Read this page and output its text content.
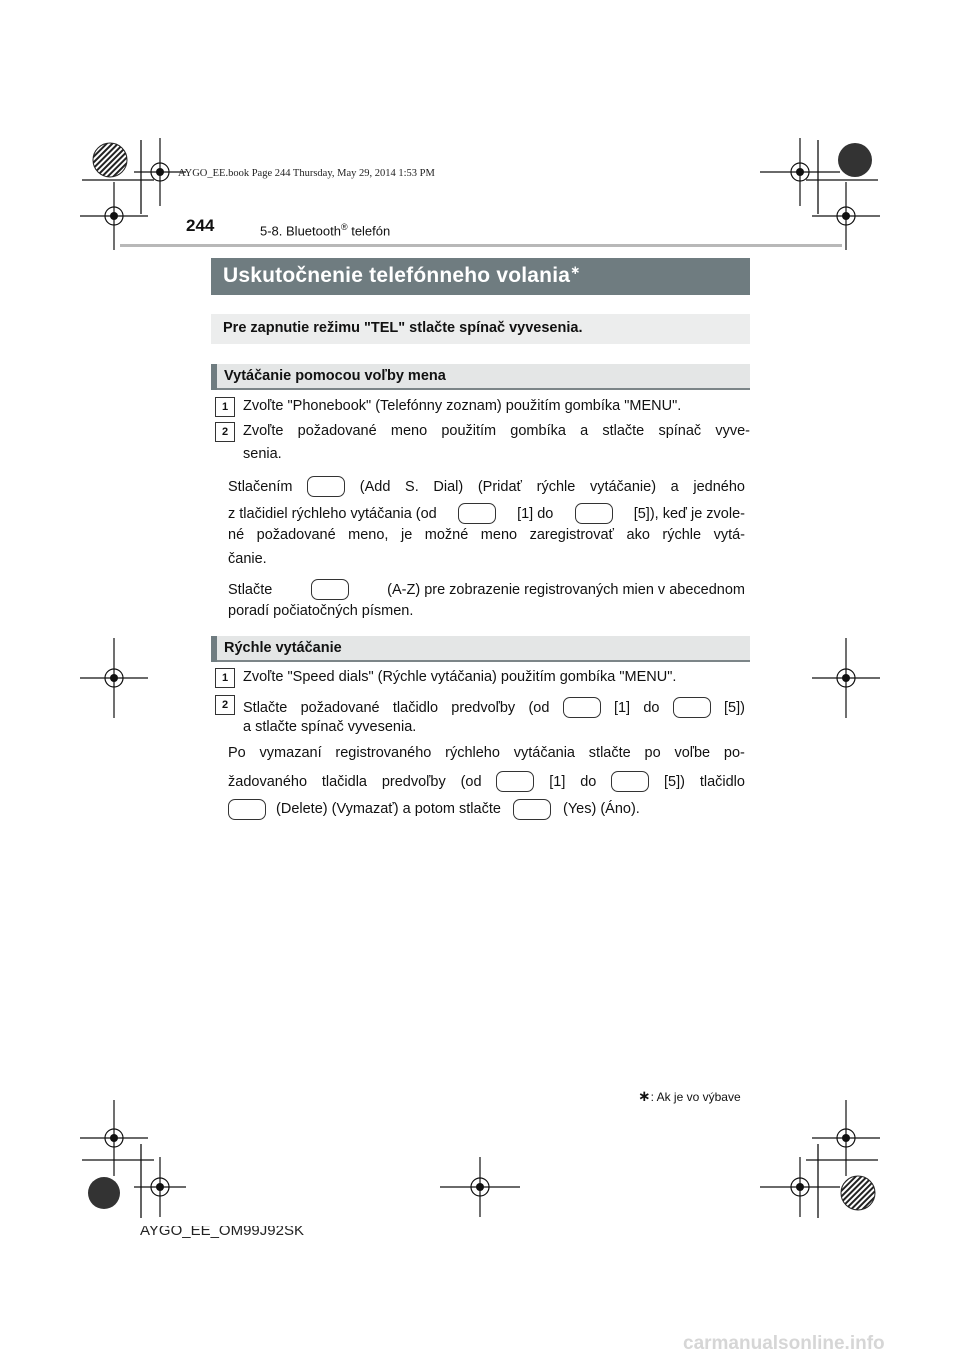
AYGO_EE.book Page 244 Thursday, May 29, 2014 1:53 PM
244	5-8. Bluetooth® telefón
Uskutočnenie telefónneho volania∗
Pre zapnutie režimu "TEL" stlačte spínač vyvesenia.
Vytáčanie pomocou voľby mena
1	Zvoľte "Phonebook" (Telefónny zoznam) použitím gombíka "MENU".
2	Zvoľte požadované meno použitím gombíka a stlačte spínač vyve-
senia.
Stlačením	(Add S. Dial) (Pridať rýchle vytáčanie) a jedného
z tlačidiel rýchleho vytáčania (od	[1] do	[5]), keď je zvole-
né požadované meno, je možné meno zaregistrovať ako rýchle vytá-
čanie.
Stlačte	(A-Z) pre zobrazenie registrovaných mien v abecednom
poradí počiatočných písmen.
Rýchle vytáčanie
1	Zvoľte "Speed dials" (Rýchle vytáčania) použitím gombíka "MENU".
2	Stlačte požadované tlačidlo predvoľby (od	[1] do	[5])
a stlačte spínač vyvesenia.
Po vymazaní registrovaného rýchleho vytáčania stlačte po voľbe po-
žadovaného tlačidla predvoľby (od	[1] do	[5]) tlačidlo
(Delete) (Vymazať) a potom stlačte	(Yes) (Áno).
∗: Ak je vo výbave
AYGO_EE_OM99J92SK
carmanualsonline.info
